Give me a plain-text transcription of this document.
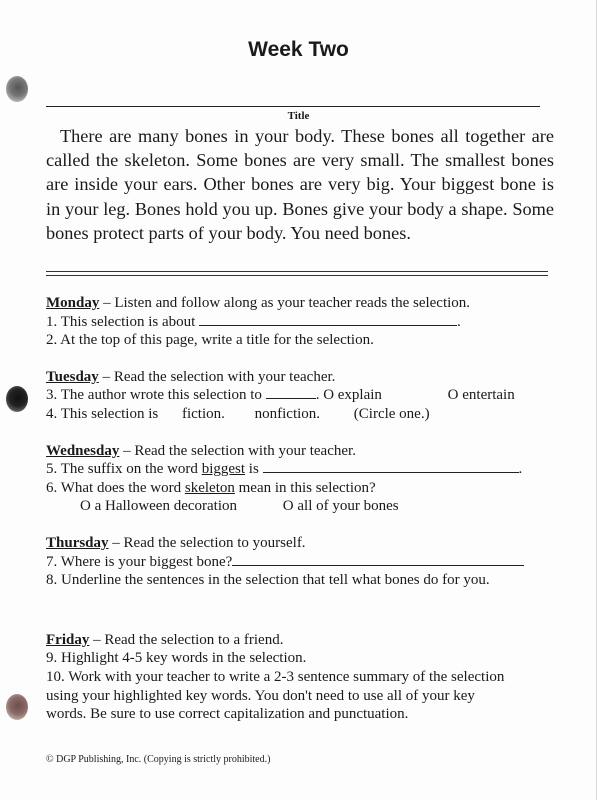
Week Two
Title

There are many bones in your body. These bones all together are called the skeleton. Some bones are very small. The smallest bones are inside your ears. Other bones are very big. Your biggest bone is in your leg. Bones hold you up. Bones give your body a shape. Some bones protect parts of your body. You need bones.

Monday – Listen and follow along as your teacher reads the selection.
1. This selection is about	.
2. At the top of this page, write a title for the selection.
Tuesday – Read the selection with your teacher.
3. The author wrote this selection to	. O explain	O entertain
4. This selection is fiction. nonfiction. (Circle one.)
Wednesday – Read the selection with your teacher.
5. The suffix on the word biggest is	.
6. What does the word skeleton mean in this selection?
O a Halloween decoration	O all of your bones
Thursday – Read the selection to yourself.
7. Where is your biggest bone?
8. Underline the sentences in the selection that tell what bones do for you.
Friday – Read the selection to a friend.
9. Highlight 4-5 key words in the selection.
10. Work with your teacher to write a 2-3 sentence summary of the selection
using your highlighted key words. You don't need to use all of your key
words. Be sure to use correct capitalization and punctuation.
© DGP Publishing, Inc. (Copying is strictly prohibited.)
